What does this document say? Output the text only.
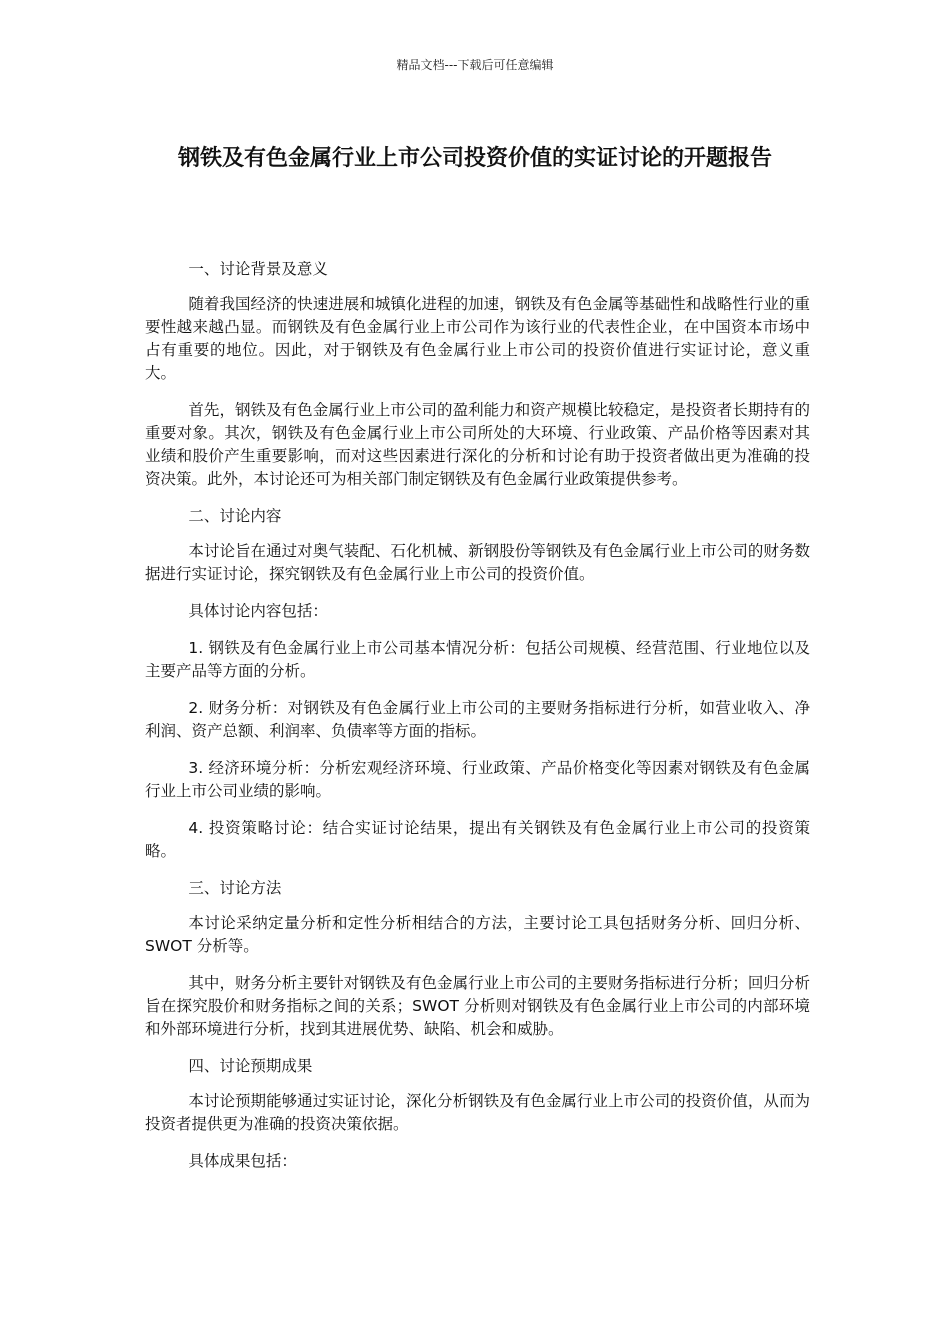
精品文档---下载后可任意编辑
钢铁及有色金属行业上市公司投资价值的实证讨论的开题报告

一、讨论背景及意义

随着我国经济的快速进展和城镇化进程的加速，钢铁及有色金属等基础性和战略性行业的重要性越来越凸显。而钢铁及有色金属行业上市公司作为该行业的代表性企业，在中国资本市场中占有重要的地位。因此，对于钢铁及有色金属行业上市公司的投资价值进行实证讨论，意义重大。

首先，钢铁及有色金属行业上市公司的盈利能力和资产规模比较稳定，是投资者长期持有的重要对象。其次，钢铁及有色金属行业上市公司所处的大环境、行业政策、产品价格等因素对其业绩和股价产生重要影响，而对这些因素进行深化的分析和讨论有助于投资者做出更为准确的投资决策。此外，本讨论还可为相关部门制定钢铁及有色金属行业政策提供参考。

二、讨论内容

本讨论旨在通过对奥气装配、石化机械、新钢股份等钢铁及有色金属行业上市公司的财务数据进行实证讨论，探究钢铁及有色金属行业上市公司的投资价值。

具体讨论内容包括：

1. 钢铁及有色金属行业上市公司基本情况分析：包括公司规模、经营范围、行业地位以及主要产品等方面的分析。

2. 财务分析：对钢铁及有色金属行业上市公司的主要财务指标进行分析，如营业收入、净利润、资产总额、利润率、负债率等方面的指标。

3. 经济环境分析：分析宏观经济环境、行业政策、产品价格变化等因素对钢铁及有色金属行业上市公司业绩的影响。

4. 投资策略讨论：结合实证讨论结果，提出有关钢铁及有色金属行业上市公司的投资策略。

三、讨论方法

本讨论采纳定量分析和定性分析相结合的方法，主要讨论工具包括财务分析、回归分析、SWOT 分析等。

其中，财务分析主要针对钢铁及有色金属行业上市公司的主要财务指标进行分析；回归分析旨在探究股价和财务指标之间的关系；SWOT 分析则对钢铁及有色金属行业上市公司的内部环境和外部环境进行分析，找到其进展优势、缺陷、机会和威胁。

四、讨论预期成果

本讨论预期能够通过实证讨论，深化分析钢铁及有色金属行业上市公司的投资价值，从而为投资者提供更为准确的投资决策依据。

具体成果包括：
